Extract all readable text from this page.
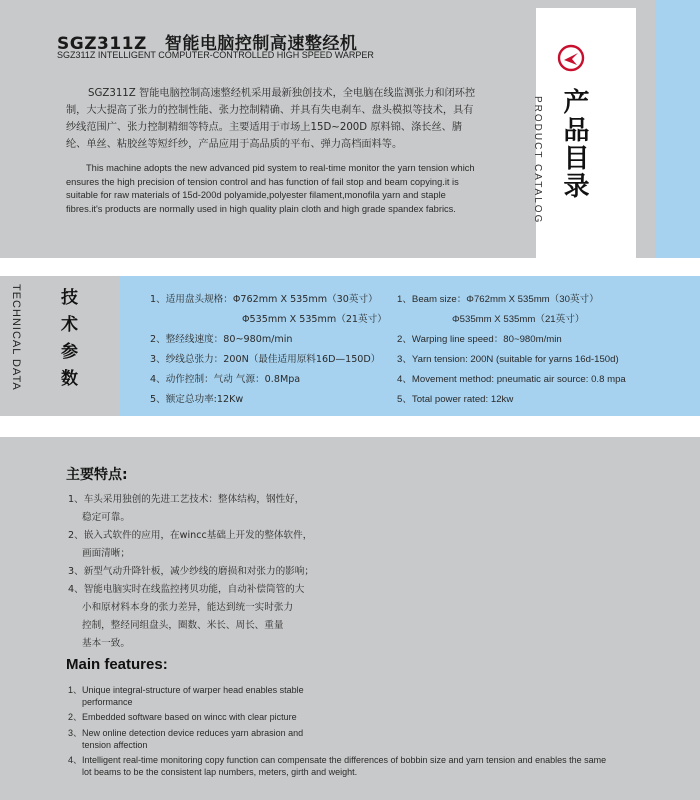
产品目录
PRODUCT CATALOG
SGZ311Z 智能电脑控制高速整经机
SGZ311Z INTELLIGENT COMPUTER-CONTROLLED HIGH SPEED WARPER
SGZ311Z 智能电脑控制高速整经机采用最新独创技术，全电脑在线监测张力和闭环控制，大大提高了张力的控制性能、张力控制精确、并具有失电刹车、盘头模拟等技术，具有纱线范围广、张力控制精细等特点。主要适用于市场上15D~200D 原料锦、涤长丝、腈纶、单丝、粘胶丝等短纤纱，产品应用于高品质的平布、弹力高档面料等。
This machine adopts the new advanced pid system to real-time monitor the yarn tension which ensures the high precision of tension control and has function of fail stop and beam copying.it is suitable for raw materials of 15d-200d polyamide,polyester filament,monofila yarn and staple fibres.it's products are normally used in high quality plain cloth and high grade spandex fabrics.
TECHNICAL DATA 技术参数	1、适用盘头规格：Φ762mm X 535mm（30英寸）
Φ535mm X 535mm（21英寸）
2、整经线速度：80~980m/min
3、纱线总张力：200N（最佳适用原料16D—150D）
4、动作控制：气动 气源：0.8Mpa
5、额定总功率:12Kw
1、Beam size：Φ762mm X 535mm（30英寸）
Φ535mm X 535mm（21英寸）
2、Warping line speed：80~980m/min
3、Yarn tension: 200N (suitable for yarns 16d-150d)
4、Movement method: pneumatic air source: 0.8 mpa
5、Total power rated: 12kw
主要特点:
1、车头采用独创的先进工艺技术：整体结构，钢性好，
稳定可靠。
2、嵌入式软件的应用，在wincc基础上开发的整体软件，
画面清晰；
3、新型气动升降针板，减少纱线的磨损和对张力的影响；
4、智能电脑实时在线监控拷贝功能，自动补偿筒管的大
小和原材料本身的张力差异，能达到统一实时张力
控制，整经同组盘头，圈数、米长、周长、重量
基本一致。
Main features:
1、Unique integral-structure of warper head enables stable
performance
2、Embedded software based on wincc with clear picture
3、New online detection device reduces yarn abrasion and
tension affection
4、Intelligent real-time monitoring copy function can compensate the differences of bobbin size and yarn tension and enables the same
lot beams to be the consistent lap numbers, meters, girth and weight.
